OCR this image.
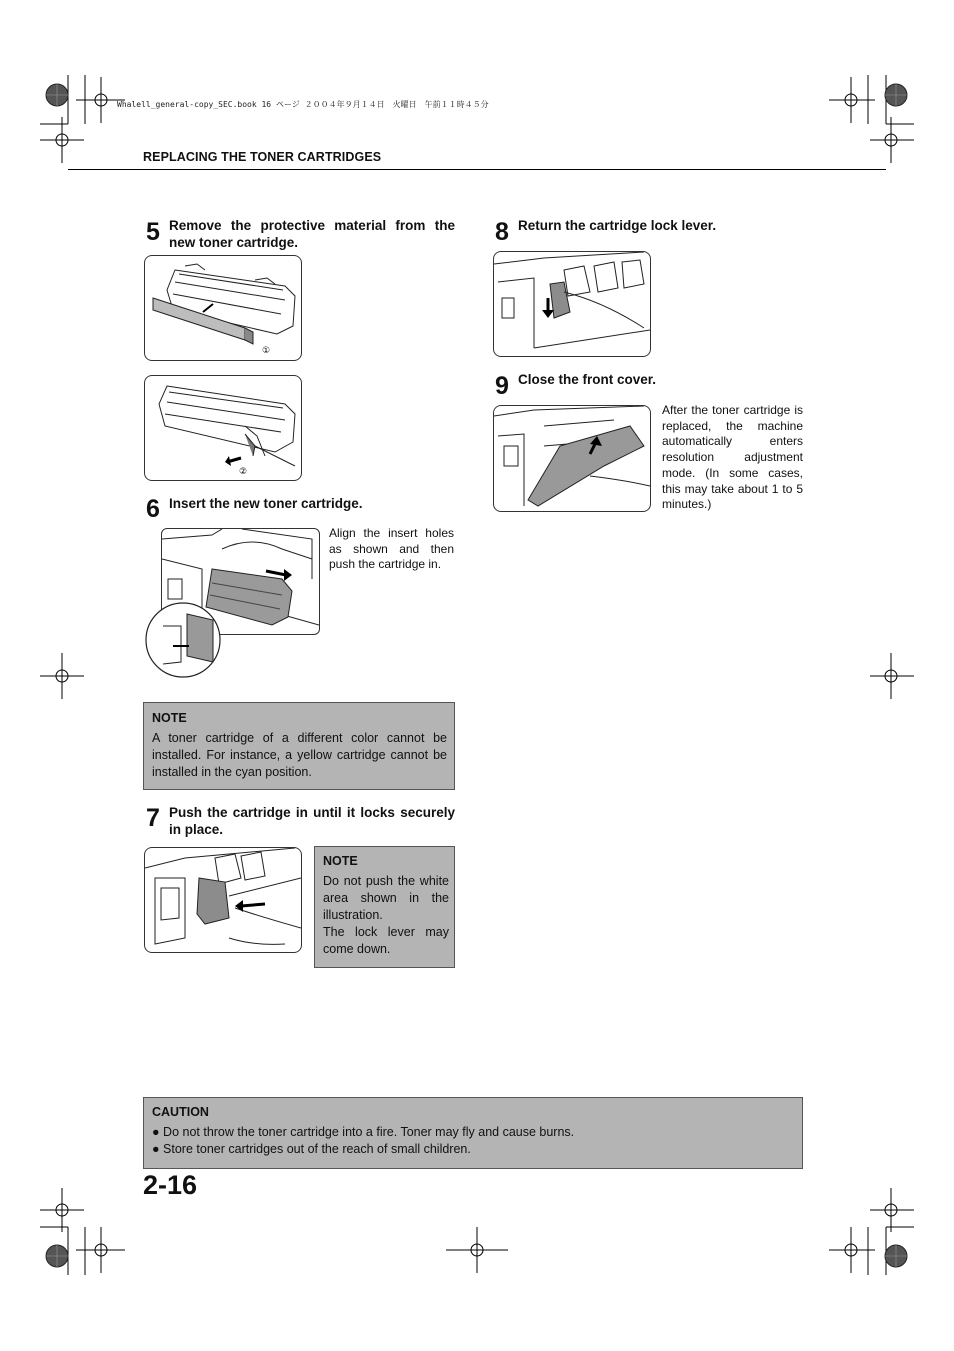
Whalell_general-copy_SEC.book 16 ページ ２００４年９月１４日　火曜日　午前１１時４５分
REPLACING THE TONER CARTRIDGES
5 Remove the protective material from the new toner cartridge.
①
②
6 Insert the new toner cartridge.
Align the insert holes as shown and then push the cartridge in.
NOTE
A toner cartridge of a different color cannot be installed. For instance, a yellow cartridge cannot be installed in the cyan position.
7 Push the cartridge in until it locks securely in place.
NOTE
Do not push the white area shown in the illustration.
The lock lever may come down.
8 Return the cartridge lock lever.
9 Close the front cover.
After the toner cartridge is replaced, the machine automatically enters resolution adjustment mode. (In some cases, this may take about 1 to 5 minutes.)
CAUTION
● Do not throw the toner cartridge into a fire. Toner may fly and cause burns.
● Store toner cartridges out of the reach of small children.
2-16
